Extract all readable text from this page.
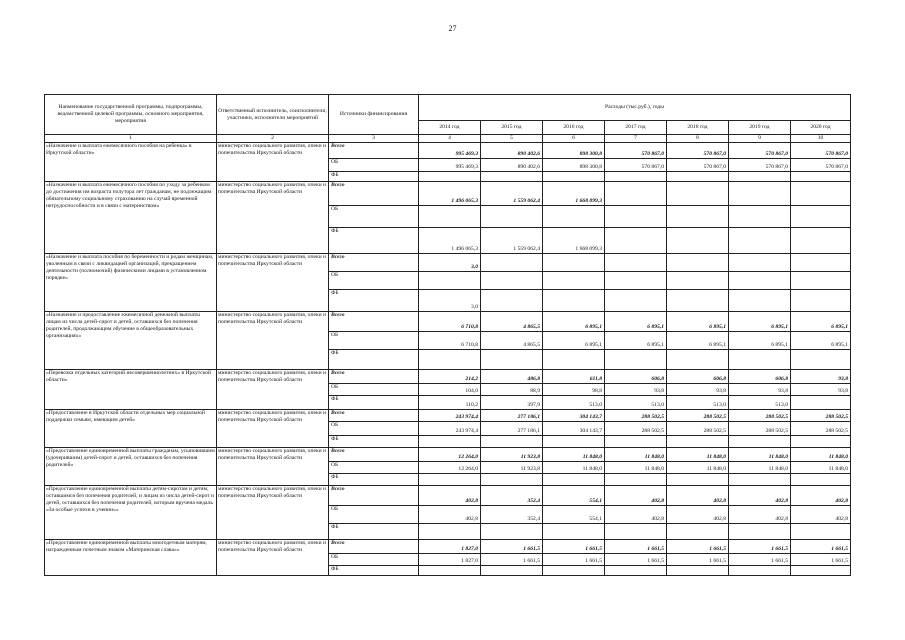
27
Наименование государственной программы, подпрограммы, ведомственной целевой программы, основного мероприятия, мероприятия	Ответственный исполнитель, соисполнители, участники, исполнители мероприятий	Источники финансирования	Расходы (тыс.руб.), годы						
			2014 год	2015 год	2016 год	2017 год	2018 год	2019 год	2020 год
1	2	3	4	5	6	7	8	9	10
«Назначение и выплата ежемесячного пособия на ребенка» в Иркутской области»	министерство социального развития, опеки и попечительства Иркутской области	Всего	995 469,3	890 402,6	898 300,8	570 867,0	570 867,0	570 867,0	570 867,0
		ОБ	995 469,3	890 402,6	898 300,8	570 867,0	570 867,0	570 867,0	570 867,0
		ФБ							
«Назначение и выплата ежемесячного пособия по уходу за ребенком до достижения им возраста полутора лет гражданам, не подлежащим обязательному социальному страхованию на случай временной нетрудоспособности и в связи с материнством»	министерство социального развития, опеки и попечительства Иркутской области	Всего	1 496 065,3	1 559 062,4	1 668 099,3				
		ОБ							
		ФБ	1 496 065,3	1 559 062,4	1 668 099,3				
«Назначение и выплата пособия по беременности и родам женщинам, уволенным в связи с ликвидацией организаций, прекращением деятельности (полномочий) физическими лицами в установленном порядке»	министерство социального развития, опеки и попечительства Иркутской области	Всего	3,0						
		ОБ							
		ФБ	3,0						
«Назначение и предоставление ежемесячной денежной выплаты лицам из числа детей-сирот и детей, оставшихся без попечения родителей, продолжающим обучение в общеобразовательных организациях»	министерство социального развития, опеки и попечительства Иркутской области	Всего	6 710,8	4 865,5	6 895,1	6 895,1	6 895,1	6 895,1	6 895,1
		ОБ	6 710,8	4 865,5	6 895,1	6 895,1	6 895,1	6 895,1	6 895,1
		ФБ							
«Перевозка отдельных категорий несовершеннолетних» в Иркутской области»	министерство социального развития, опеки и попечительства Иркутской области	Всего	214,2	486,8	611,8	606,8	606,8	606,8	93,8
		ОБ	104,0	88,9	98,8	93,8	93,8	93,8	93,8
		ФБ	110,2	397,9	513,0	513,0	513,0	513,0	
«Предоставление в Иркутской области отдельных мер социальной поддержки семьям, имеющим детей»	министерство социального развития, опеки и попечительства Иркутской области	Всего	243 974,4	277 186,1	304 143,7	288 502,5	288 502,5	288 502,5	288 502,5
		ОБ	243 974,4	277 186,1	304 143,7	288 502,5	288 502,5	288 502,5	288 502,5
		ФБ							
«Предоставление единовременной выплаты гражданам, усыновившим (удочерившим) детей-сирот и детей, оставшихся без попечения родителей»	министерство социального развития, опеки и попечительства Иркутской области	Всего	12 264,0	11 923,8	11 848,0	11 848,0	11 848,0	11 848,0	11 848,0
		ОБ	12 264,0	11 923,8	11 848,0	11 848,0	11 848,0	11 848,0	11 848,0
		ФБ							
«Предоставление единовременной выплаты детям-сиротам и детям, оставшимся без попечения родителей, и лицам из числа детей-сирот и детей, оставшихся без попечения родителей, которым вручена медаль «За особые успехи в учении»»	министерство социального развития, опеки и попечительства Иркутской области	Всего	402,8	352,4	554,1	402,8	402,8	402,8	402,8
		ОБ	402,8	352,4	554,1	402,8	402,8	402,8	402,8
		ФБ							
«Предоставление единовременной выплаты многодетным матерям, награжденным почетным знаком «Материнская слава»»	министерство социального развития, опеки и попечительства Иркутской области	Всего	1 827,0	1 661,5	1 661,5	1 661,5	1 661,5	1 661,5	1 661,5
		ОБ	1 827,0	1 661,5	1 661,5	1 661,5	1 661,5	1 661,5	1 661,5
		ФБ							
